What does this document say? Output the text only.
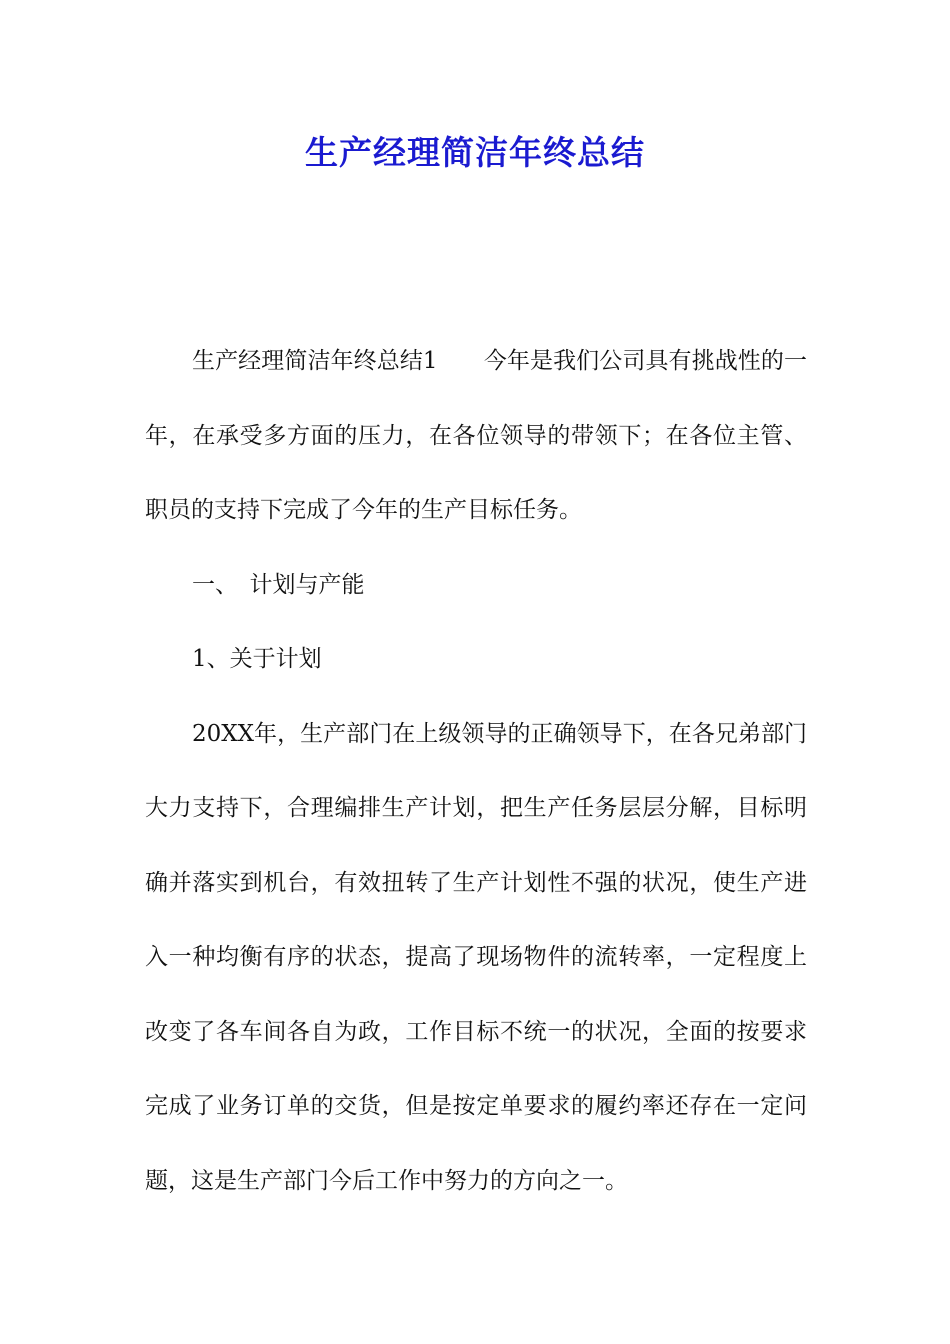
生产经理简洁年终总结

生产经理简洁年终总结1　　今年是我们公司具有挑战性的一年，在承受多方面的压力，在各位领导的带领下；在各位主管、职员的支持下完成了今年的生产目标任务。

一、　计划与产能

1、关于计划

20XX年，生产部门在上级领导的正确领导下，在各兄弟部门大力支持下，合理编排生产计划，把生产任务层层分解，目标明确并落实到机台，有效扭转了生产计划性不强的状况，使生产进入一种均衡有序的状态，提高了现场物件的流转率，一定程度上改变了各车间各自为政，工作目标不统一的状况，全面的按要求完成了业务订单的交货，但是按定单要求的履约率还存在一定问题，这是生产部门今后工作中努力的方向之一。
